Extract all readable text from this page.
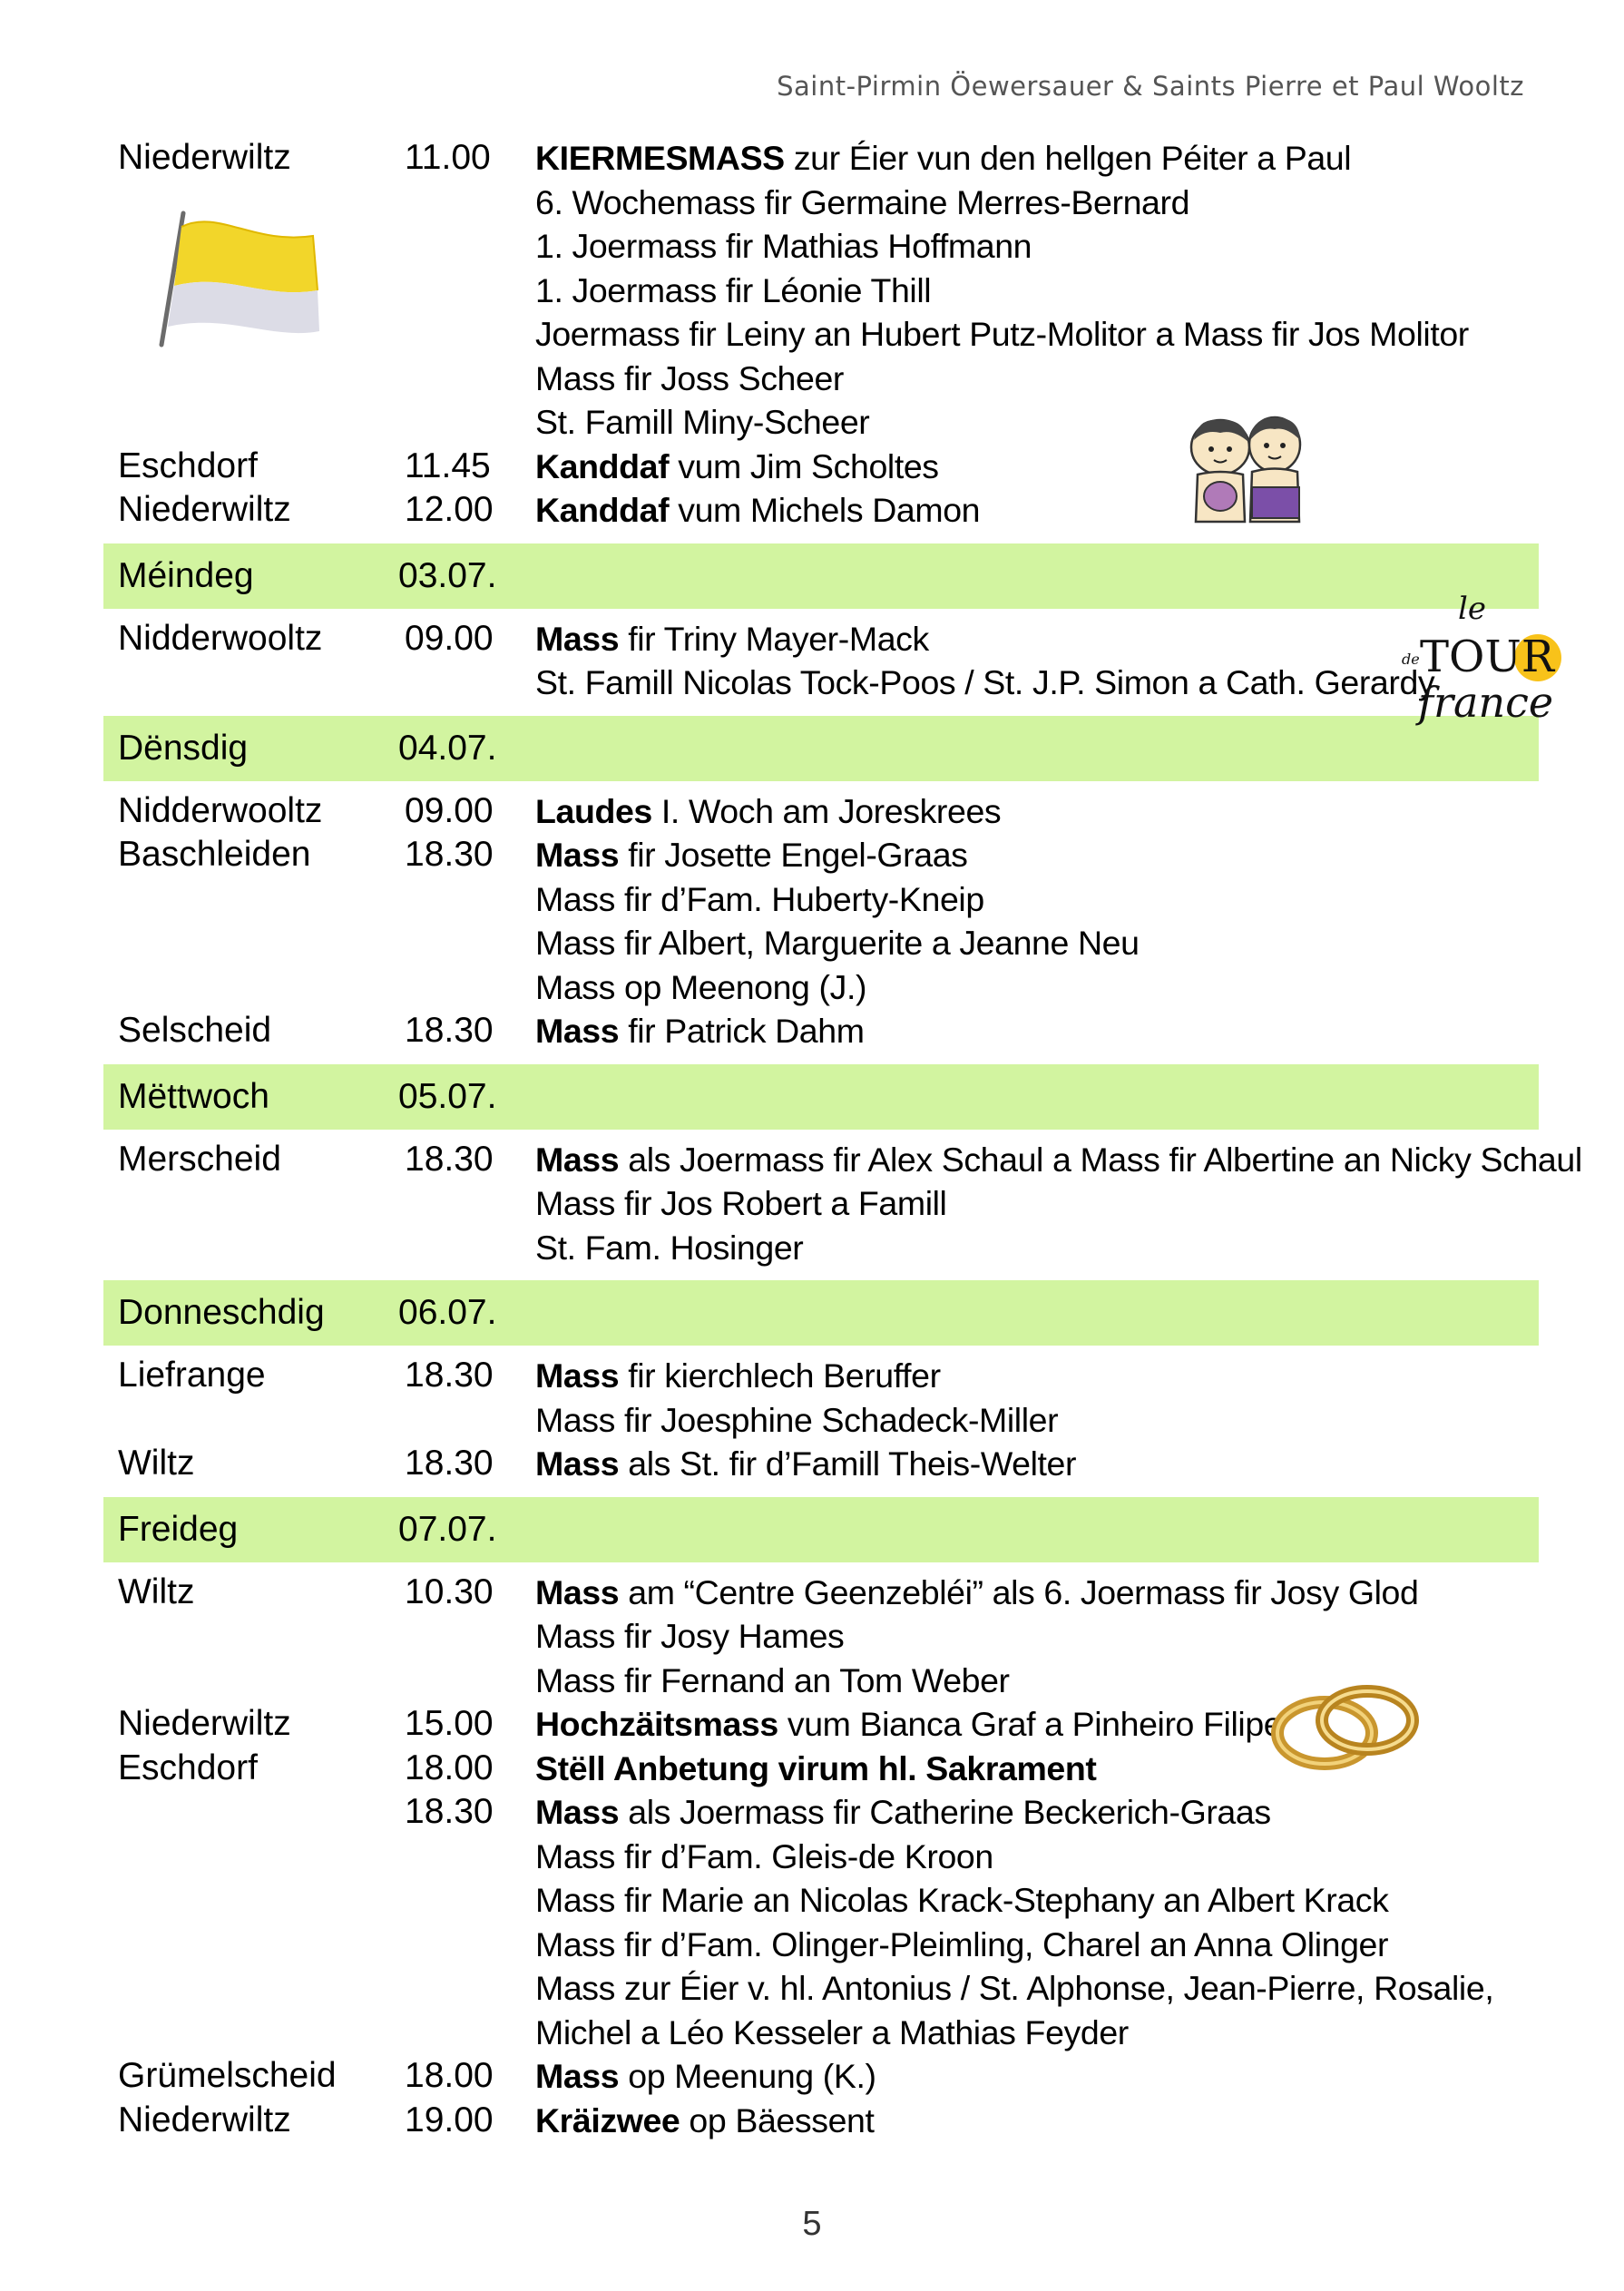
Saint-Pirmin Öewersauer & Saints Pierre et Paul Wooltz
Niederwiltz	11.00 KIERMESMASS zur Éier vun den hellgen Péiter a Paul
6. Wochemass fir Germaine Merres-Bernard
1. Joermass fir Mathias Hoffmann
1. Joermass fir Léonie Thill
Joermass fir Leiny an Hubert Putz-Molitor a Mass fir Jos Molitor
Mass fir Joss Scheer
St. Famill Miny-Scheer
Eschdorf	11.45 Kanddaf vum Jim Scholtes
Niederwiltz	12.00 Kanddaf vum Michels Damon
Méindeg	03.07.
Nidderwooltz 09.00 Mass fir Triny Mayer-Mack
St. Famill Nicolas Tock-Poos / St. J.P. Simon a Cath. Gerardy
Dënsdig	04.07.
Nidderwooltz 09.00 Laudes I. Woch am Joreskrees
Baschleiden	18.30 Mass fir Josette Engel-Graas
Mass fir d’Fam. Huberty-Kneip
Mass fir Albert, Marguerite a Jeanne Neu
Mass op Meenong (J.)
Selscheid	18.30 Mass fir Patrick Dahm
Mëttwoch	05.07.
Merscheid	18.30 Mass als Joermass fir Alex Schaul a Mass fir Albertine an Nicky Schaul
Mass fir Jos Robert a Famill
St. Fam. Hosinger
Donneschdig 06.07.
Liefrange	18.30 Mass fir kierchlech Beruffer
Mass fir Joesphine Schadeck-Miller
Wiltz	18.30 Mass als St. fir d’Famill Theis-Welter
Freideg	07.07.
Wiltz	10.30 Mass am “Centre Geenzebléi” als 6. Joermass fir Josy Glod
Mass fir Josy Hames
Mass fir Fernand an Tom Weber
Niederwiltz	15.00 Hochzäitsmass vum Bianca Graf a Pinheiro Filipe
Eschdorf	18.00 Stëll Anbetung virum hl. Sakrament
18.30 Mass als Joermass fir Catherine Beckerich-Graas
Mass fir d’Fam. Gleis-de Kroon
Mass fir Marie an Nicolas Krack-Stephany an Albert Krack
Mass fir d’Fam. Olinger-Pleimling, Charel an Anna Olinger
Mass zur Éier v. hl. Antonius / St. Alphonse, Jean-Pierre, Rosalie,
Michel a Léo Kesseler a Mathias Feyder
Grümelscheid 18.00 Mass op Meenung (K.)
Niederwiltz	19.00 Kräizwee op Bäessent
le
de TOUR
france
5
